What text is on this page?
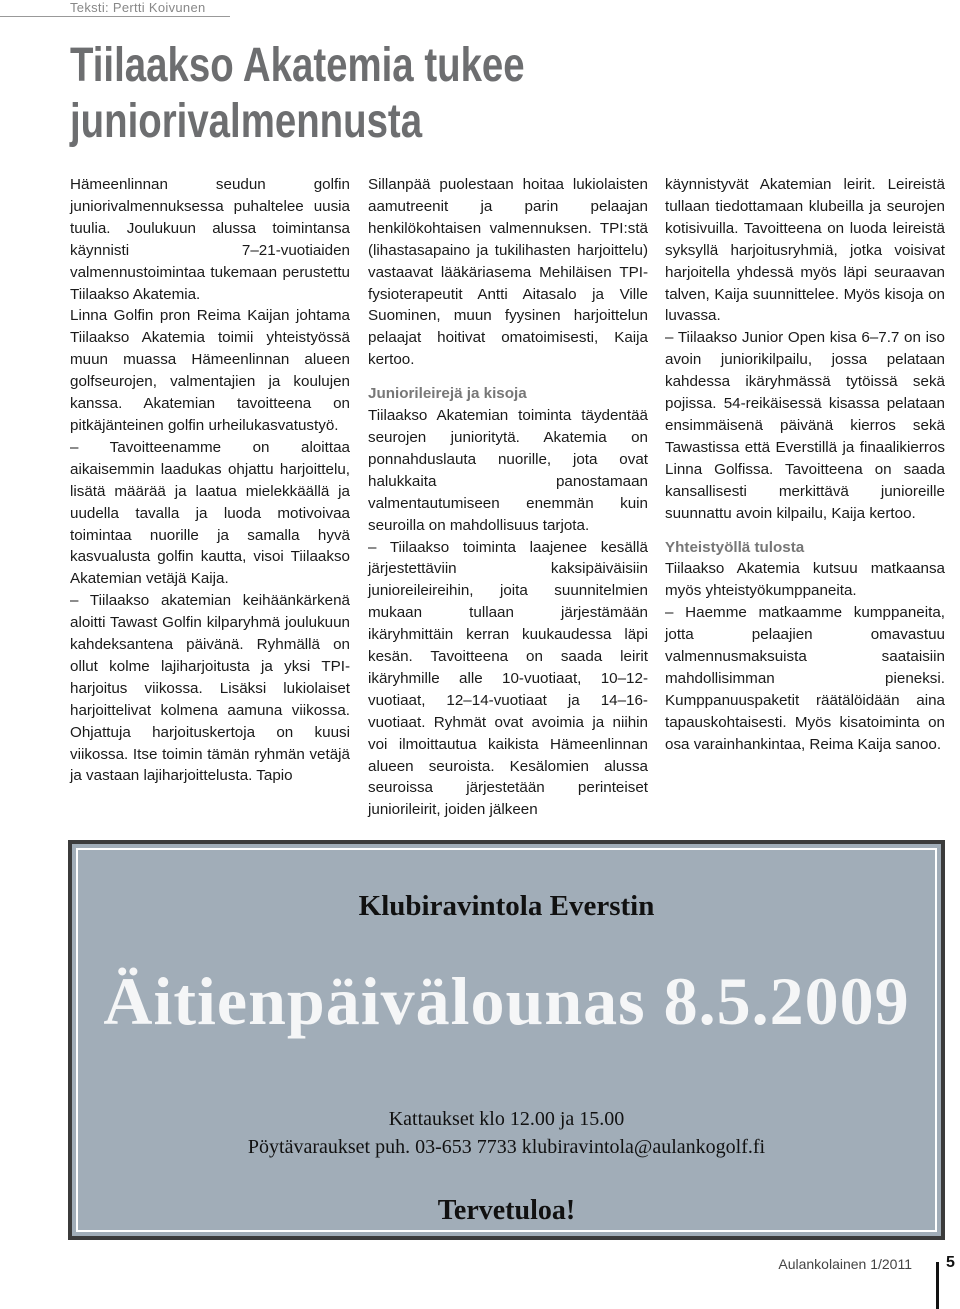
Teksti: Pertti Koivunen
Tiilaakso Akatemia tukee
juniorivalmennusta

Hämeenlinnan seudun golfin juniorivalmennuksessa puhaltelee uusia tuulia. Joulukuun alussa toimintansa käynnisti 7–21-vuotiaiden valmennustoimintaa tukemaan perustettu Tiilaakso Akatemia.

Linna Golfin pron Reima Kaijan johtama Tiilaakso Akatemia toimii yhteistyössä muun muassa Hämeenlinnan alueen golfseurojen, valmentajien ja koulujen kanssa. Akatemian tavoitteena on pitkäjänteinen golfin urheilukasvatustyö.

– Tavoitteenamme on aloittaa aikaisemmin laadukas ohjattu harjoittelu, lisätä määrää ja laatua mielekkäällä ja uudella tavalla ja luoda motivoivaa toimintaa nuorille ja samalla hyvä kasvualusta golfin kautta, visoi Tiilaakso Akatemian vetäjä Kaija.

– Tiilaakso akatemian keihäänkärkenä aloitti Tawast Golfin kilparyhmä joulukuun kahdeksantena päivänä. Ryhmällä on ollut kolme lajiharjoitusta ja yksi TPI-harjoitus viikossa. Lisäksi lukiolaiset harjoittelivat kolmena aamuna viikossa. Ohjattuja harjoituskertoja on kuusi viikossa. Itse toimin tämän ryhmän vetäjä ja vastaan lajiharjoittelusta. Tapio

Sillanpää puolestaan hoitaa lukiolaisten aamutreenit ja parin pelaajan henkilökohtaisen valmennuksen. TPI:stä (lihastasapaino ja tukilihasten harjoittelu) vastaavat lääkäriasema Mehiläisen TPI-fysioterapeutit Antti Aitasalo ja Ville Suominen, muun fyysinen harjoittelun pelaajat hoitivat omatoimisesti, Kaija kertoo.

Juniorileirejä ja kisoja

Tiilaakso Akatemian toiminta täydentää seurojen junioritytä. Akatemia on ponnahduslauta nuorille, jota ovat halukkaita panostamaan valmentautumiseen enemmän kuin seuroilla on mahdollisuus tarjota.

– Tiilaakso toiminta laajenee kesällä järjestettäviin kaksipäiväisiin junioreileireihin, joita suunnitelmien mukaan tullaan järjestämään ikäryhmittäin kerran kuukaudessa läpi kesän. Tavoitteena on saada leirit ikäryhmille alle 10-vuotiaat, 10–12-vuotiaat, 12–14-vuotiaat ja 14–16-vuotiaat. Ryhmät ovat avoimia ja niihin voi ilmoittautua kaikista Hämeenlinnan alueen seuroista. Kesälomien alussa seuroissa järjestetään perinteiset juniorileirit, joiden jälkeen

käynnistyvät Akatemian leirit. Leireistä tullaan tiedottamaan klubeilla ja seurojen kotisivuilla. Tavoitteena on luoda leireistä syksyllä harjoitusryhmiä, jotka voisivat harjoitella yhdessä myös läpi seuraavan talven, Kaija suunnittelee. Myös kisoja on luvassa.

– Tiilaakso Junior Open kisa 6–7.7 on iso avoin juniorikilpailu, jossa pelataan kahdessa ikäryhmässä tytöissä sekä pojissa. 54-reikäisessä kisassa pelataan ensimmäisenä päivänä kierros sekä Tawastissa että Everstillä ja finaalikierros Linna Golfissa. Tavoitteena on saada kansallisesti merkittävä junioreille suunnattu avoin kilpailu, Kaija kertoo.

Yhteistyöllä tulosta

Tiilaakso Akatemia kutsuu matkaansa myös yhteistyökumppaneita.

– Haemme matkaamme kumppaneita, jotta pelaajien omavastuu valmennusmaksuista saataisiin mahdollisimman pieneksi. Kumppanuuspaketit räätälöidään aina tapauskohtaisesti. Myös kisatoiminta on osa varainhankintaa, Reima Kaija sanoo.

Klubiravintola Everstin
Äitienpäivälounas 8.5.2009
Kattaukset klo 12.00 ja 15.00
Pöytävaraukset puh. 03-653 7733 klubiravintola@aulankogolf.fi
Tervetuloa!
Aulankolainen 1/2011 5
